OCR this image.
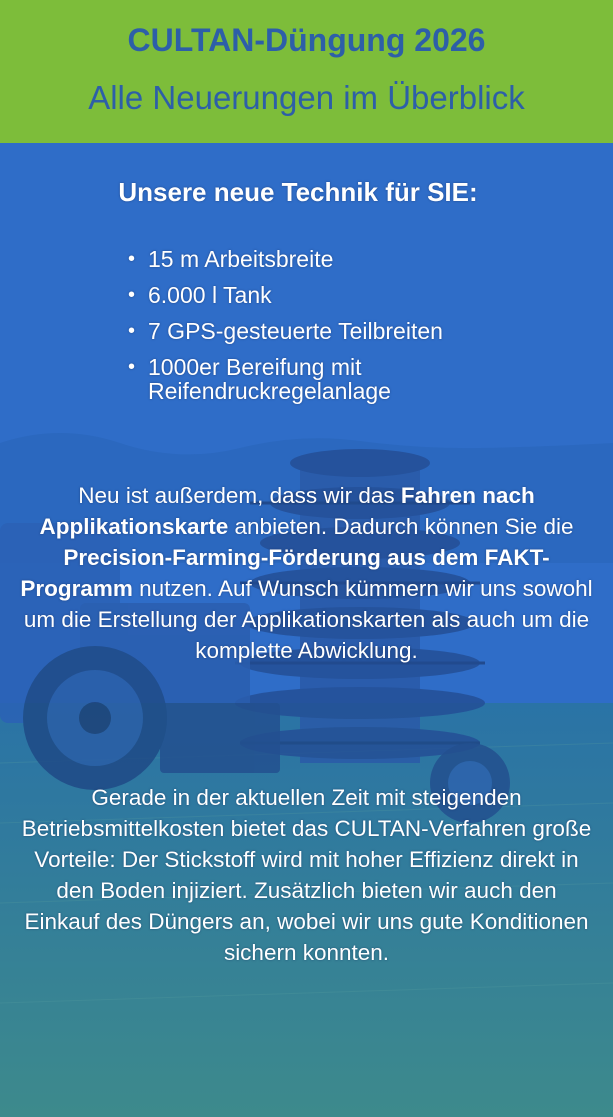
CULTAN-Düngung 2026
Alle Neuerungen im Überblick
Unsere neue Technik für SIE:
• 15 m Arbeitsbreite
• 6.000 l Tank
• 7 GPS-gesteuerte Teilbreiten
• 1000er Bereifung mit Reifendruckregelanlage

Neu ist außerdem, dass wir das Fahren nach Applikationskarte anbieten. Dadurch können Sie die Precision-Farming-Förderung aus dem FAKT-Programm nutzen. Auf Wunsch kümmern wir uns sowohl um die Erstellung der Applikationskarten als auch um die komplette Abwicklung.

Gerade in der aktuellen Zeit mit steigenden Betriebsmittelkosten bietet das CULTAN-Verfahren große Vorteile: Der Stickstoff wird mit hoher Effizienz direkt in den Boden injiziert. Zusätzlich bieten wir auch den Einkauf des Düngers an, wobei wir uns gute Konditionen sichern konnten.
